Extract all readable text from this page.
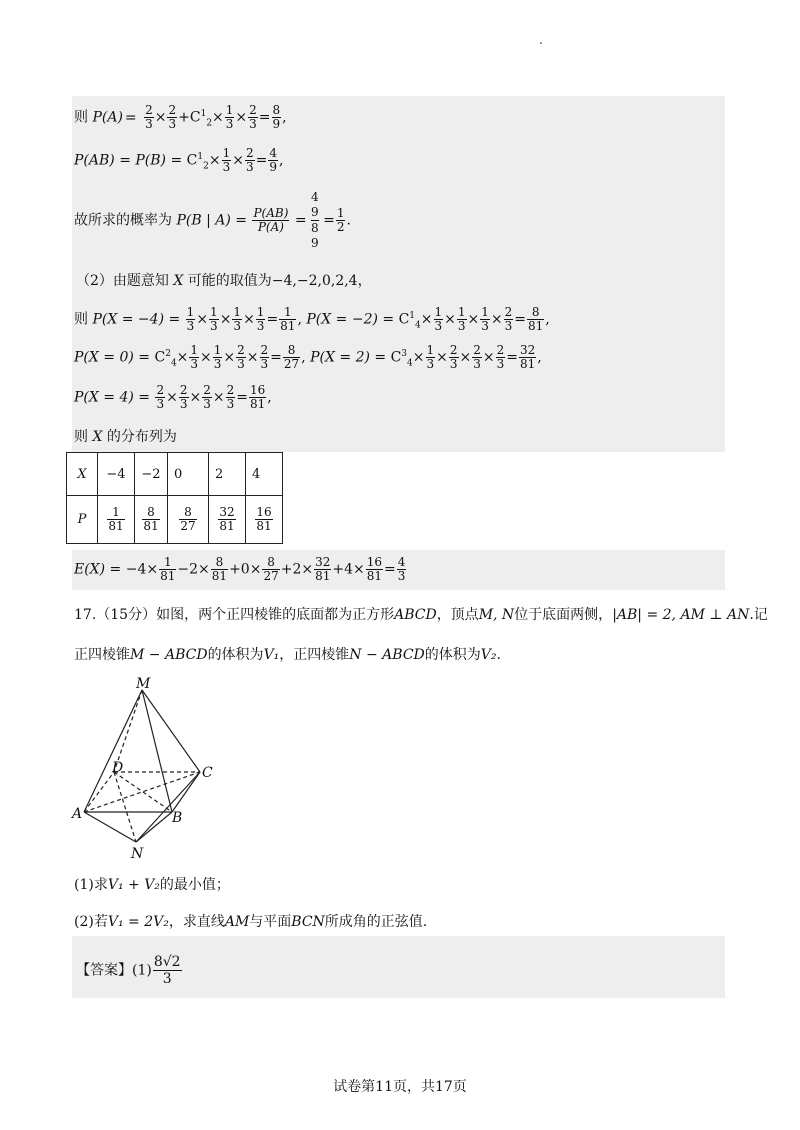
则 $P(A) = \frac{2}{3} \times \frac{2}{3} +C^1_2\times \frac{1}{3} \times \frac{2}{3} = \frac{8}{9}$ ,
$P(AB) = P(B) = C^1_2\times \frac{1}{3} \times \frac{2}{3} = \frac{4}{9}$ ,
故所求的概率为 P(B | $A) = \frac{P(AB)}{P(A)}$ =
4
9
8
9
= $\frac{1}{2}$ .
（2）由题意知 X 可能的取值为−4,−2,0,2,4，
则 $P(X = -4) = \frac{1}{3} \times \frac{1}{3} \times \frac{1}{3} \times \frac{1}{3} = \frac{1}{81}$ , $P(X = -2) = C^1_4\times \frac{1}{3} \times \frac{1}{3} \times \frac{1}{3} \times \frac{2}{3} = \frac{8}{81}$ ,
$P(X = 0) = C^2_4\times \frac{1}{3} \times \frac{1}{3} \times \frac{2}{3} \times \frac{2}{3} = \frac{8}{27}$ , $P(X = 2) = C^3_4\times \frac{1}{3} \times \frac{2}{3} \times \frac{2}{3} \times \frac{2}{3} = \frac{32}{81}$ ,
$P(X = 4) = \frac{2}{3} \times \frac{2}{3} \times \frac{2}{3} \times \frac{2}{3} = \frac{16}{81}$ ,
则 X 的分布列为
X	−4	−2	0	2	4
P	$\frac{1}{81}$	$\frac{8}{81}$	$\frac{8}{27}$	$\frac{32}{81}$	$\frac{16}{81}$
$E(X) = -4\times \frac{1}{81} -2\times \frac{8}{81} +0\times \frac{8}{27} +2\times \frac{32}{81} +4\times \frac{16}{81} = \frac{4}{3}$
17.（15分）如图，两个正四棱锥的底面都为正方形ABCD，顶点M, N位于底面两侧，|AB| = 2, AM ⊥ AN.记
正四棱锥M − ABCD的体积为V₁，正四棱锥N − ABCD的体积为V₂.
M
D	C
A	B
N
(1)求V₁ + V₂的最小值；
(2)若V₁ = 2V₂，求直线AM与平面BCN所成角的正弦值.
【答案】$(1) \frac{8√2}{3}$
试卷第11页，共17页
